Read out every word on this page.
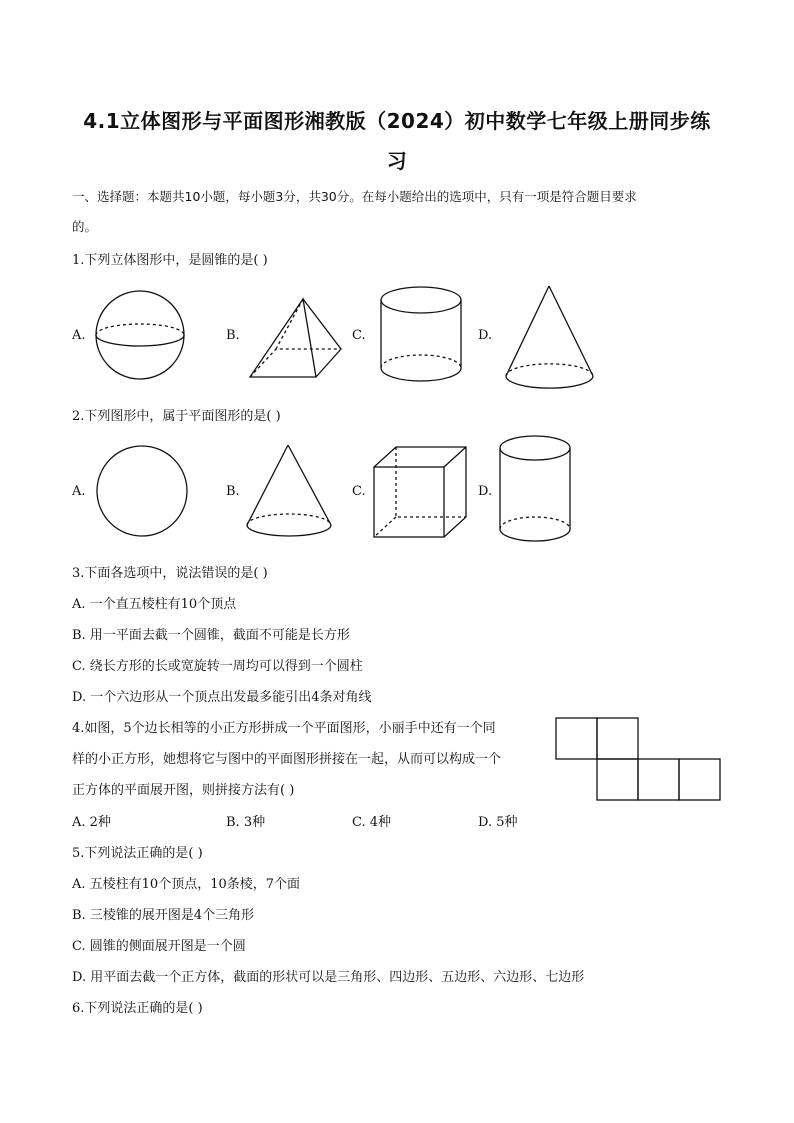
4.1立体图形与平面图形湘教版（2024）初中数学七年级上册同步练
习
一、选择题：本题共10小题，每小题3分，共30分。在每小题给出的选项中，只有一项是符合题目要求
的。
1.下列立体图形中，是圆锥的是( )
A.	B.	C.	D.
2.下列图形中，属于平面图形的是( )
A.	B.	C.	D.
3.下面各选项中，说法错误的是( )
A. 一个直五棱柱有10个顶点
B. 用一平面去截一个圆锥，截面不可能是长方形
C. 绕长方形的长或宽旋转一周均可以得到一个圆柱
D. 一个六边形从一个顶点出发最多能引出4条对角线
4.如图，5个边长相等的小正方形拼成一个平面图形，小丽手中还有一个同
样的小正方形，她想将它与图中的平面图形拼接在一起，从而可以构成一个
正方体的平面展开图，则拼接方法有( )
A. 2种	B. 3种	C. 4种	D. 5种
5.下列说法正确的是( )
A. 五棱柱有10个顶点，10条棱，7个面
B. 三棱锥的展开图是4个三角形
C. 圆锥的侧面展开图是一个圆
D. 用平面去截一个正方体，截面的形状可以是三角形、四边形、五边形、六边形、七边形
6.下列说法正确的是( )
